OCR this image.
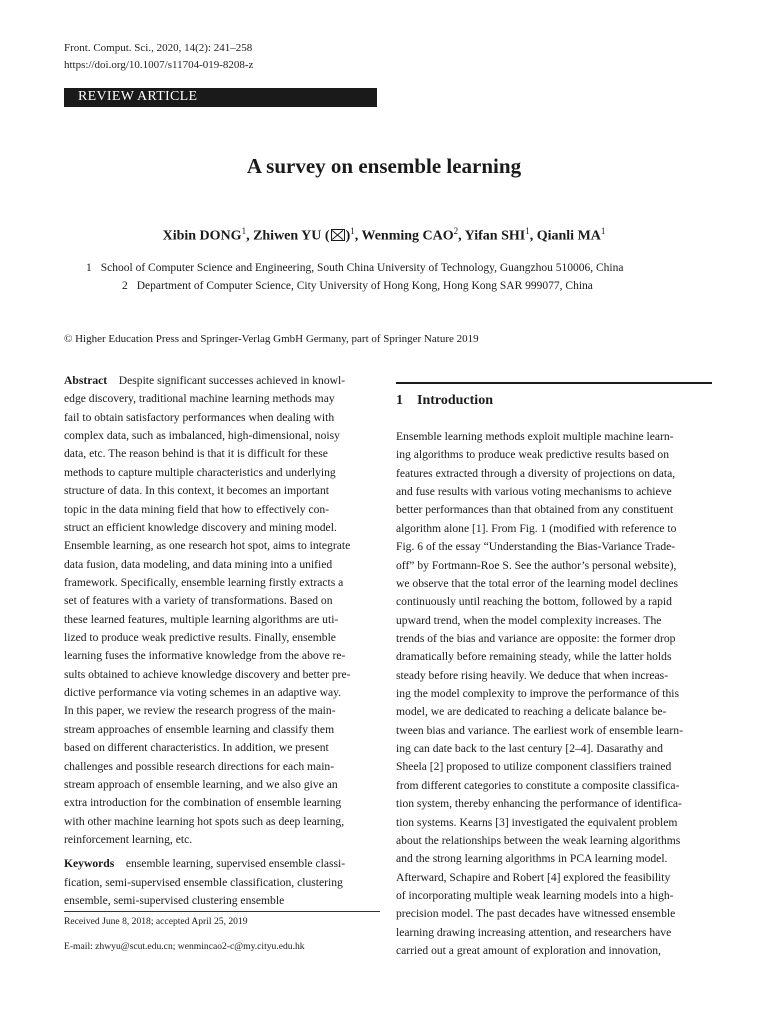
Front. Comput. Sci., 2020, 14(2): 241–258
https://doi.org/10.1007/s11704-019-8208-z
REVIEW ARTICLE
A survey on ensemble learning
Xibin DONG$^1$, Zhiwen YU ( )$^1$, Wenming CAO$^2$, Yifan SHI$^1$, Qianli $MA^1$
1 School of Computer Science and Engineering, South China University of Technology, Guangzhou 510006, China
2 Department of Computer Science, City University of Hong Kong, Hong Kong SAR 999077, China
© Higher Education Press and Springer-Verlag GmbH Germany, part of Springer Nature 2019
Abstract Despite significant successes achieved in knowl-
edge discovery, traditional machine learning methods may
fail to obtain satisfactory performances when dealing with
complex data, such as imbalanced, high-dimensional, noisy
data, etc. The reason behind is that it is difficult for these
methods to capture multiple characteristics and underlying
structure of data. In this context, it becomes an important
topic in the data mining field that how to effectively con-
struct an efficient knowledge discovery and mining model.
Ensemble learning, as one research hot spot, aims to integrate
data fusion, data modeling, and data mining into a unified
framework. Specifically, ensemble learning firstly extracts a
set of features with a variety of transformations. Based on
these learned features, multiple learning algorithms are uti-
lized to produce weak predictive results. Finally, ensemble
learning fuses the informative knowledge from the above re-
sults obtained to achieve knowledge discovery and better pre-
dictive performance via voting schemes in an adaptive way.
In this paper, we review the research progress of the main-
stream approaches of ensemble learning and classify them
based on different characteristics. In addition, we present
challenges and possible research directions for each main-
stream approach of ensemble learning, and we also give an
extra introduction for the combination of ensemble learning
with other machine learning hot spots such as deep learning,
reinforcement learning, etc.
Keywords ensemble learning, supervised ensemble classi-
fication, semi-supervised ensemble classification, clustering
ensemble, semi-supervised clustering ensemble
Received June 8, 2018; accepted April 25, 2019
E-mail: zhwyu@scut.edu.cn; wenmincao2-c@my.cityu.edu.hk
1 Introduction
Ensemble learning methods exploit multiple machine learn-
ing algorithms to produce weak predictive results based on
features extracted through a diversity of projections on data,
and fuse results with various voting mechanisms to achieve
better performances than that obtained from any constituent
algorithm alone [1]. From Fig. 1 (modified with reference to
Fig. 6 of the essay “Understanding the Bias-Variance Trade-
off” by Fortmann-Roe S. See the author’s personal website),
we observe that the total error of the learning model declines
continuously until reaching the bottom, followed by a rapid
upward trend, when the model complexity increases. The
trends of the bias and variance are opposite: the former drop
dramatically before remaining steady, while the latter holds
steady before rising heavily. We deduce that when increas-
ing the model complexity to improve the performance of this
model, we are dedicated to reaching a delicate balance be-
tween bias and variance. The earliest work of ensemble learn-
ing can date back to the last century [2–4]. Dasarathy and
Sheela [2] proposed to utilize component classifiers trained
from different categories to constitute a composite classifica-
tion system, thereby enhancing the performance of identifica-
tion systems. Kearns [3] investigated the equivalent problem
about the relationships between the weak learning algorithms
and the strong learning algorithms in PCA learning model.
Afterward, Schapire and Robert [4] explored the feasibility
of incorporating multiple weak learning models into a high-
precision model. The past decades have witnessed ensemble
learning drawing increasing attention, and researchers have
carried out a great amount of exploration and innovation,
